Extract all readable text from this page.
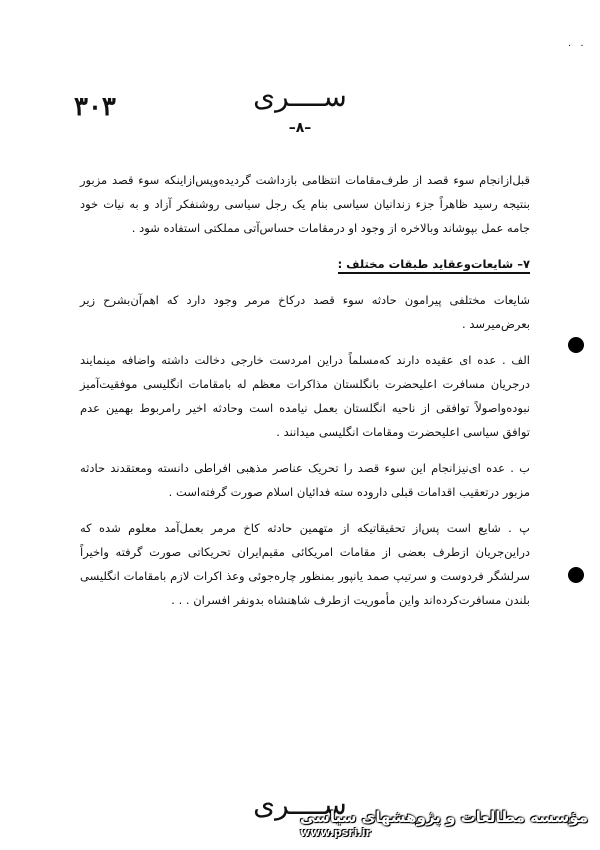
. .
۳۰۳	ســــری
–۸–

قبل‌ازانجام سوء قصد از طرف‌مقامات انتظامی بازداشت گردیده‌وپس‌ازاینکه سوء قصد مزبور بنتیجه رسید ظاهراً جزء زندانیان سیاسی بنام یک رجل سیاسی روشنفکر آزاد و به نیات خود جامه عمل بپوشاند وبالاخره از وجود او درمقامات حساس‌آتی مملکتی استفاده شود .

۷– شایعات‌وعقاید طبقات مختلف :

شایعات مختلفی پیرامون حادثه سوء قصد درکاخ مرمر وجود دارد که اهم‌آن‌بشرح زیر بعرض‌میرسد .

الف . عده ای عقیده دارند که‌مسلماً دراین امردست خارجی دخالت داشته واضافه مینمایند درجریان مسافرت اعلیحضرت بانگلستان مذاکرات معظم له بامقامات انگلیسی موفقیت‌آمیز نبوده‌واصولاً توافقی از ناحیه انگلستان بعمل نیامده است وحادثه اخیر رامربوط بهمین عدم توافق سیاسی اعلیحضرت ومقامات انگلیسی میدانند .

ب . عده ای‌نیزانجام این سوء قصد را تحریک عناصر مذهبی افراطی دانسته ومعتقدند حادثه مزبور درتعقیب اقدامات قبلی داروده سته فدائیان اسلام صورت گرفته‌است .

پ . شایع است پس‌از تحقیقاتیکه از متهمین حادثه کاخ مرمر بعمل‌آمد معلوم شده که دراین‌جریان ازطرف بعضی از مقامات امریکائی مقیم‌ایران تحریکاتی صورت گرفته واخیراً سرلشگر فردوست و سرتیپ صمد یانپور بمنظور چاره‌جوئی وعذ اکرات لازم بامقامات انگلیسی بلندن مسافرت‌کرده‌اند واین مأموریت ازطرف شاهنشاه بدونفر افسران . . .

ســــری
مؤسسه مطالعات و پژوهشهای سیاسی
www.psri.ir
